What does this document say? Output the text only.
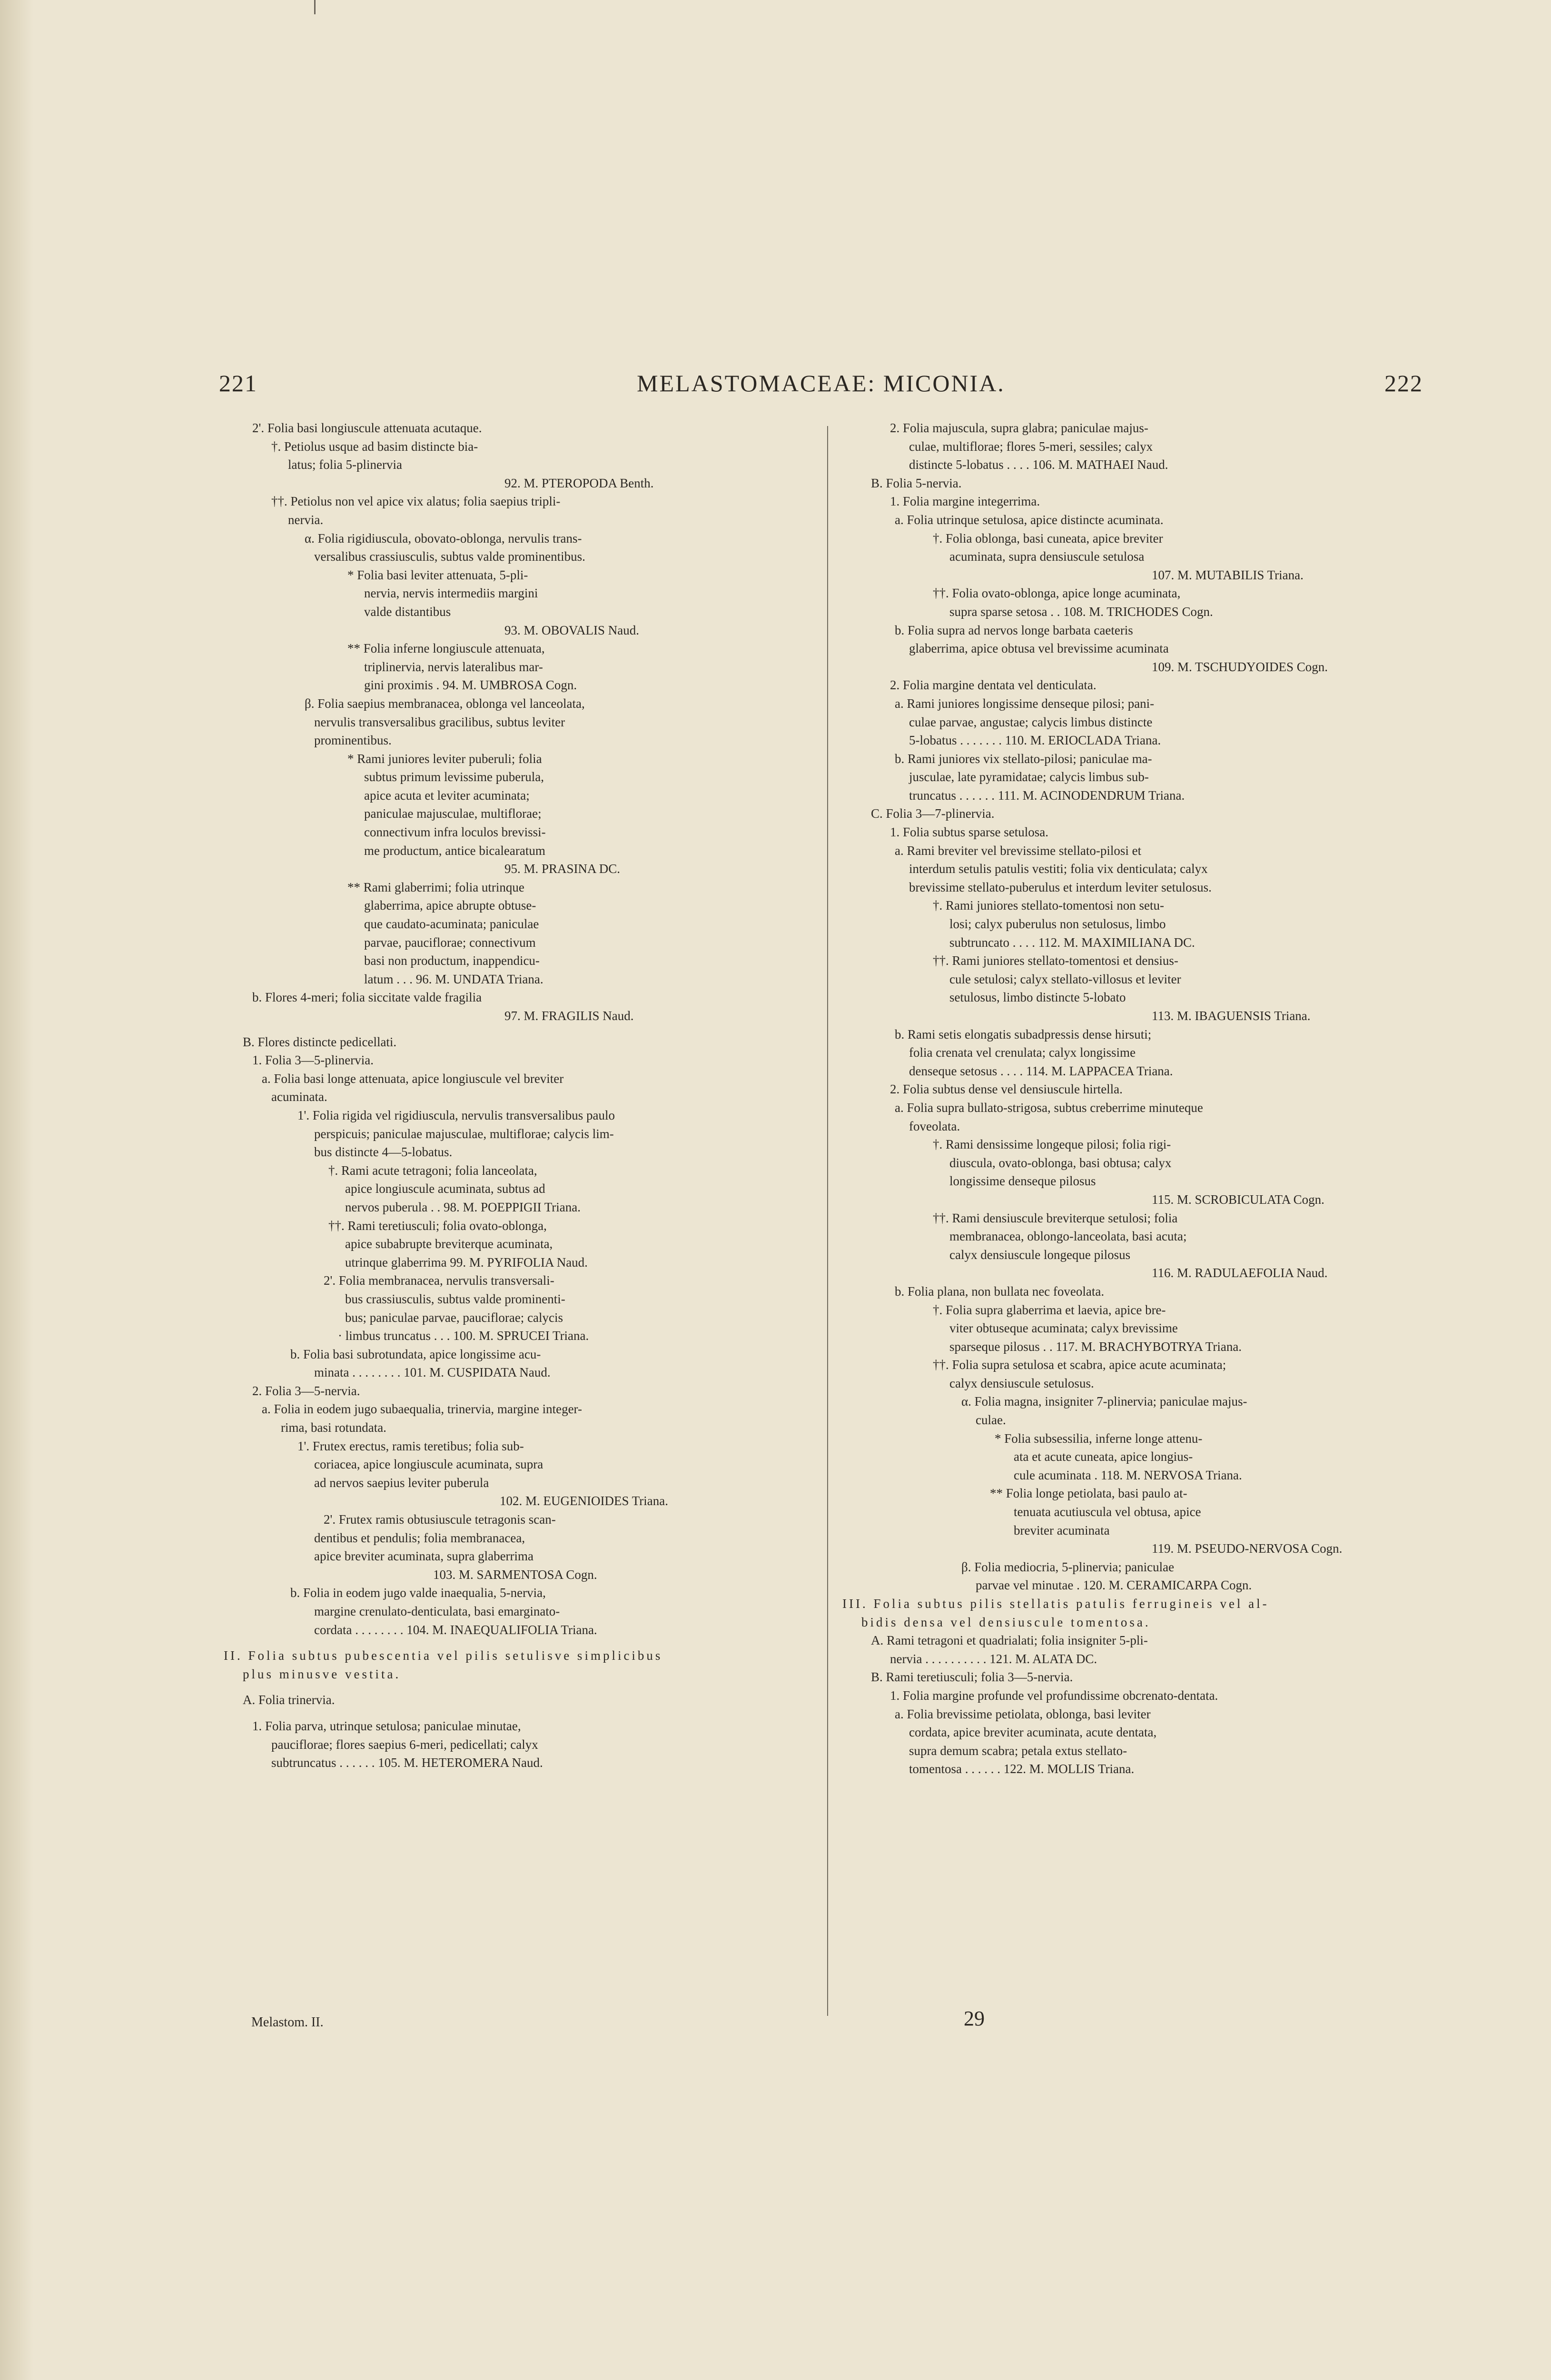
221	MELASTOMACEAE: MICONIA.	222
2'. Folia basi longiuscule attenuata acutaque.
†. Petiolus usque ad basim distincte bia-
latus; folia 5-plinervia
92. M. PTEROPODA Benth.
††. Petiolus non vel apice vix alatus; folia saepius tripli-
nervia.
α. Folia rigidiuscula, obovato-oblonga, nervulis trans-
versalibus crassiusculis, subtus valde prominentibus.
* Folia basi leviter attenuata, 5-pli-
nervia, nervis intermediis margini
valde distantibus
93. M. OBOVALIS Naud.
** Folia inferne longiuscule attenuata,
triplinervia, nervis lateralibus mar-
gini proximis . 94. M. UMBROSA Cogn.
β. Folia saepius membranacea, oblonga vel lanceolata,
nervulis transversalibus gracilibus, subtus leviter
prominentibus.
* Rami juniores leviter puberuli; folia
subtus primum levissime puberula,
apice acuta et leviter acuminata;
paniculae majusculae, multiflorae;
connectivum infra loculos brevissi-
me productum, antice bicalearatum
95. M. PRASINA DC.
** Rami glaberrimi; folia utrinque
glaberrima, apice abrupte obtuse-
que caudato-acuminata; paniculae
parvae, pauciflorae; connectivum
basi non productum, inappendicu-
latum . . . 96. M. UNDATA Triana.
b. Flores 4-meri; folia siccitate valde fragilia
97. M. FRAGILIS Naud.
B. Flores distincte pedicellati.
1. Folia 3—5-plinervia.
a. Folia basi longe attenuata, apice longiuscule vel breviter
acuminata.
1'. Folia rigida vel rigidiuscula, nervulis transversalibus paulo
perspicuis; paniculae majusculae, multiflorae; calycis lim-
bus distincte 4—5-lobatus.
†. Rami acute tetragoni; folia lanceolata,
apice longiuscule acuminata, subtus ad
nervos puberula . . 98. M. POEPPIGII Triana.
††. Rami teretiusculi; folia ovato-oblonga,
apice subabrupte breviterque acuminata,
utrinque glaberrima 99. M. PYRIFOLIA Naud.
2'. Folia membranacea, nervulis transversali-
bus crassiusculis, subtus valde prominenti-
bus; paniculae parvae, pauciflorae; calycis
· limbus truncatus . . . 100. M. SPRUCEI Triana.
b. Folia basi subrotundata, apice longissime acu-
minata . . . . . . . . 101. M. CUSPIDATA Naud.
2. Folia 3—5-nervia.
a. Folia in eodem jugo subaequalia, trinervia, margine integer-
rima, basi rotundata.
1'. Frutex erectus, ramis teretibus; folia sub-
coriacea, apice longiuscule acuminata, supra
ad nervos saepius leviter puberula
102. M. EUGENIOIDES Triana.
2'. Frutex ramis obtusiuscule tetragonis scan-
dentibus et pendulis; folia membranacea,
apice breviter acuminata, supra glaberrima
103. M. SARMENTOSA Cogn.
b. Folia in eodem jugo valde inaequalia, 5-nervia,
margine crenulato-denticulata, basi emarginato-
cordata . . . . . . . . 104. M. INAEQUALIFOLIA Triana.
II. Folia subtus pubescentia vel pilis setulisve simplicibus
plus minusve vestita.
A. Folia trinervia.
1. Folia parva, utrinque setulosa; paniculae minutae,
pauciflorae; flores saepius 6-meri, pedicellati; calyx
subtruncatus . . . . . . 105. M. HETEROMERA Naud.
2. Folia majuscula, supra glabra; paniculae majus-
culae, multiflorae; flores 5-meri, sessiles; calyx
distincte 5-lobatus . . . . 106. M. MATHAEI Naud.
B. Folia 5-nervia.
1. Folia margine integerrima.
a. Folia utrinque setulosa, apice distincte acuminata.
†. Folia oblonga, basi cuneata, apice breviter
acuminata, supra densiuscule setulosa
107. M. MUTABILIS Triana.
††. Folia ovato-oblonga, apice longe acuminata,
supra sparse setosa . . 108. M. TRICHODES Cogn.
b. Folia supra ad nervos longe barbata caeteris
glaberrima, apice obtusa vel brevissime acuminata
109. M. TSCHUDYOIDES Cogn.
2. Folia margine dentata vel denticulata.
a. Rami juniores longissime denseque pilosi; pani-
culae parvae, angustae; calycis limbus distincte
5-lobatus . . . . . . . 110. M. ERIOCLADA Triana.
b. Rami juniores vix stellato-pilosi; paniculae ma-
jusculae, late pyramidatae; calycis limbus sub-
truncatus . . . . . . 111. M. ACINODENDRUM Triana.
C. Folia 3—7-plinervia.
1. Folia subtus sparse setulosa.
a. Rami breviter vel brevissime stellato-pilosi et
interdum setulis patulis vestiti; folia vix denticulata; calyx
brevissime stellato-puberulus et interdum leviter setulosus.
†. Rami juniores stellato-tomentosi non setu-
losi; calyx puberulus non setulosus, limbo
subtruncato . . . . 112. M. MAXIMILIANA DC.
††. Rami juniores stellato-tomentosi et densius-
cule setulosi; calyx stellato-villosus et leviter
setulosus, limbo distincte 5-lobato
113. M. IBAGUENSIS Triana.
b. Rami setis elongatis subadpressis dense hirsuti;
folia crenata vel crenulata; calyx longissime
denseque setosus . . . . 114. M. LAPPACEA Triana.
2. Folia subtus dense vel densiuscule hirtella.
a. Folia supra bullato-strigosa, subtus creberrime minuteque
foveolata.
†. Rami densissime longeque pilosi; folia rigi-
diuscula, ovato-oblonga, basi obtusa; calyx
longissime denseque pilosus
115. M. SCROBICULATA Cogn.
††. Rami densiuscule breviterque setulosi; folia
membranacea, oblongo-lanceolata, basi acuta;
calyx densiuscule longeque pilosus
116. M. RADULAEFOLIA Naud.
b. Folia plana, non bullata nec foveolata.
†. Folia supra glaberrima et laevia, apice bre-
viter obtuseque acuminata; calyx brevissime
sparseque pilosus . . 117. M. BRACHYBOTRYA Triana.
††. Folia supra setulosa et scabra, apice acute acuminata;
calyx densiuscule setulosus.
α. Folia magna, insigniter 7-plinervia; paniculae majus-
culae.
* Folia subsessilia, inferne longe attenu-
ata et acute cuneata, apice longius-
cule acuminata . 118. M. NERVOSA Triana.
** Folia longe petiolata, basi paulo at-
tenuata acutiuscula vel obtusa, apice
breviter acuminata
119. M. PSEUDO-NERVOSA Cogn.
β. Folia mediocria, 5-plinervia; paniculae
parvae vel minutae . 120. M. CERAMICARPA Cogn.
III. Folia subtus pilis stellatis patulis ferrugineis vel al-
bidis densa vel densiuscule tomentosa.
A. Rami tetragoni et quadrialati; folia insigniter 5-pli-
nervia . . . . . . . . . . 121. M. ALATA DC.
B. Rami teretiusculi; folia 3—5-nervia.
1. Folia margine profunde vel profundissime obcrenato-dentata.
a. Folia brevissime petiolata, oblonga, basi leviter
cordata, apice breviter acuminata, acute dentata,
supra demum scabra; petala extus stellato-
tomentosa . . . . . . 122. M. MOLLIS Triana.
Melastom. II.	29
